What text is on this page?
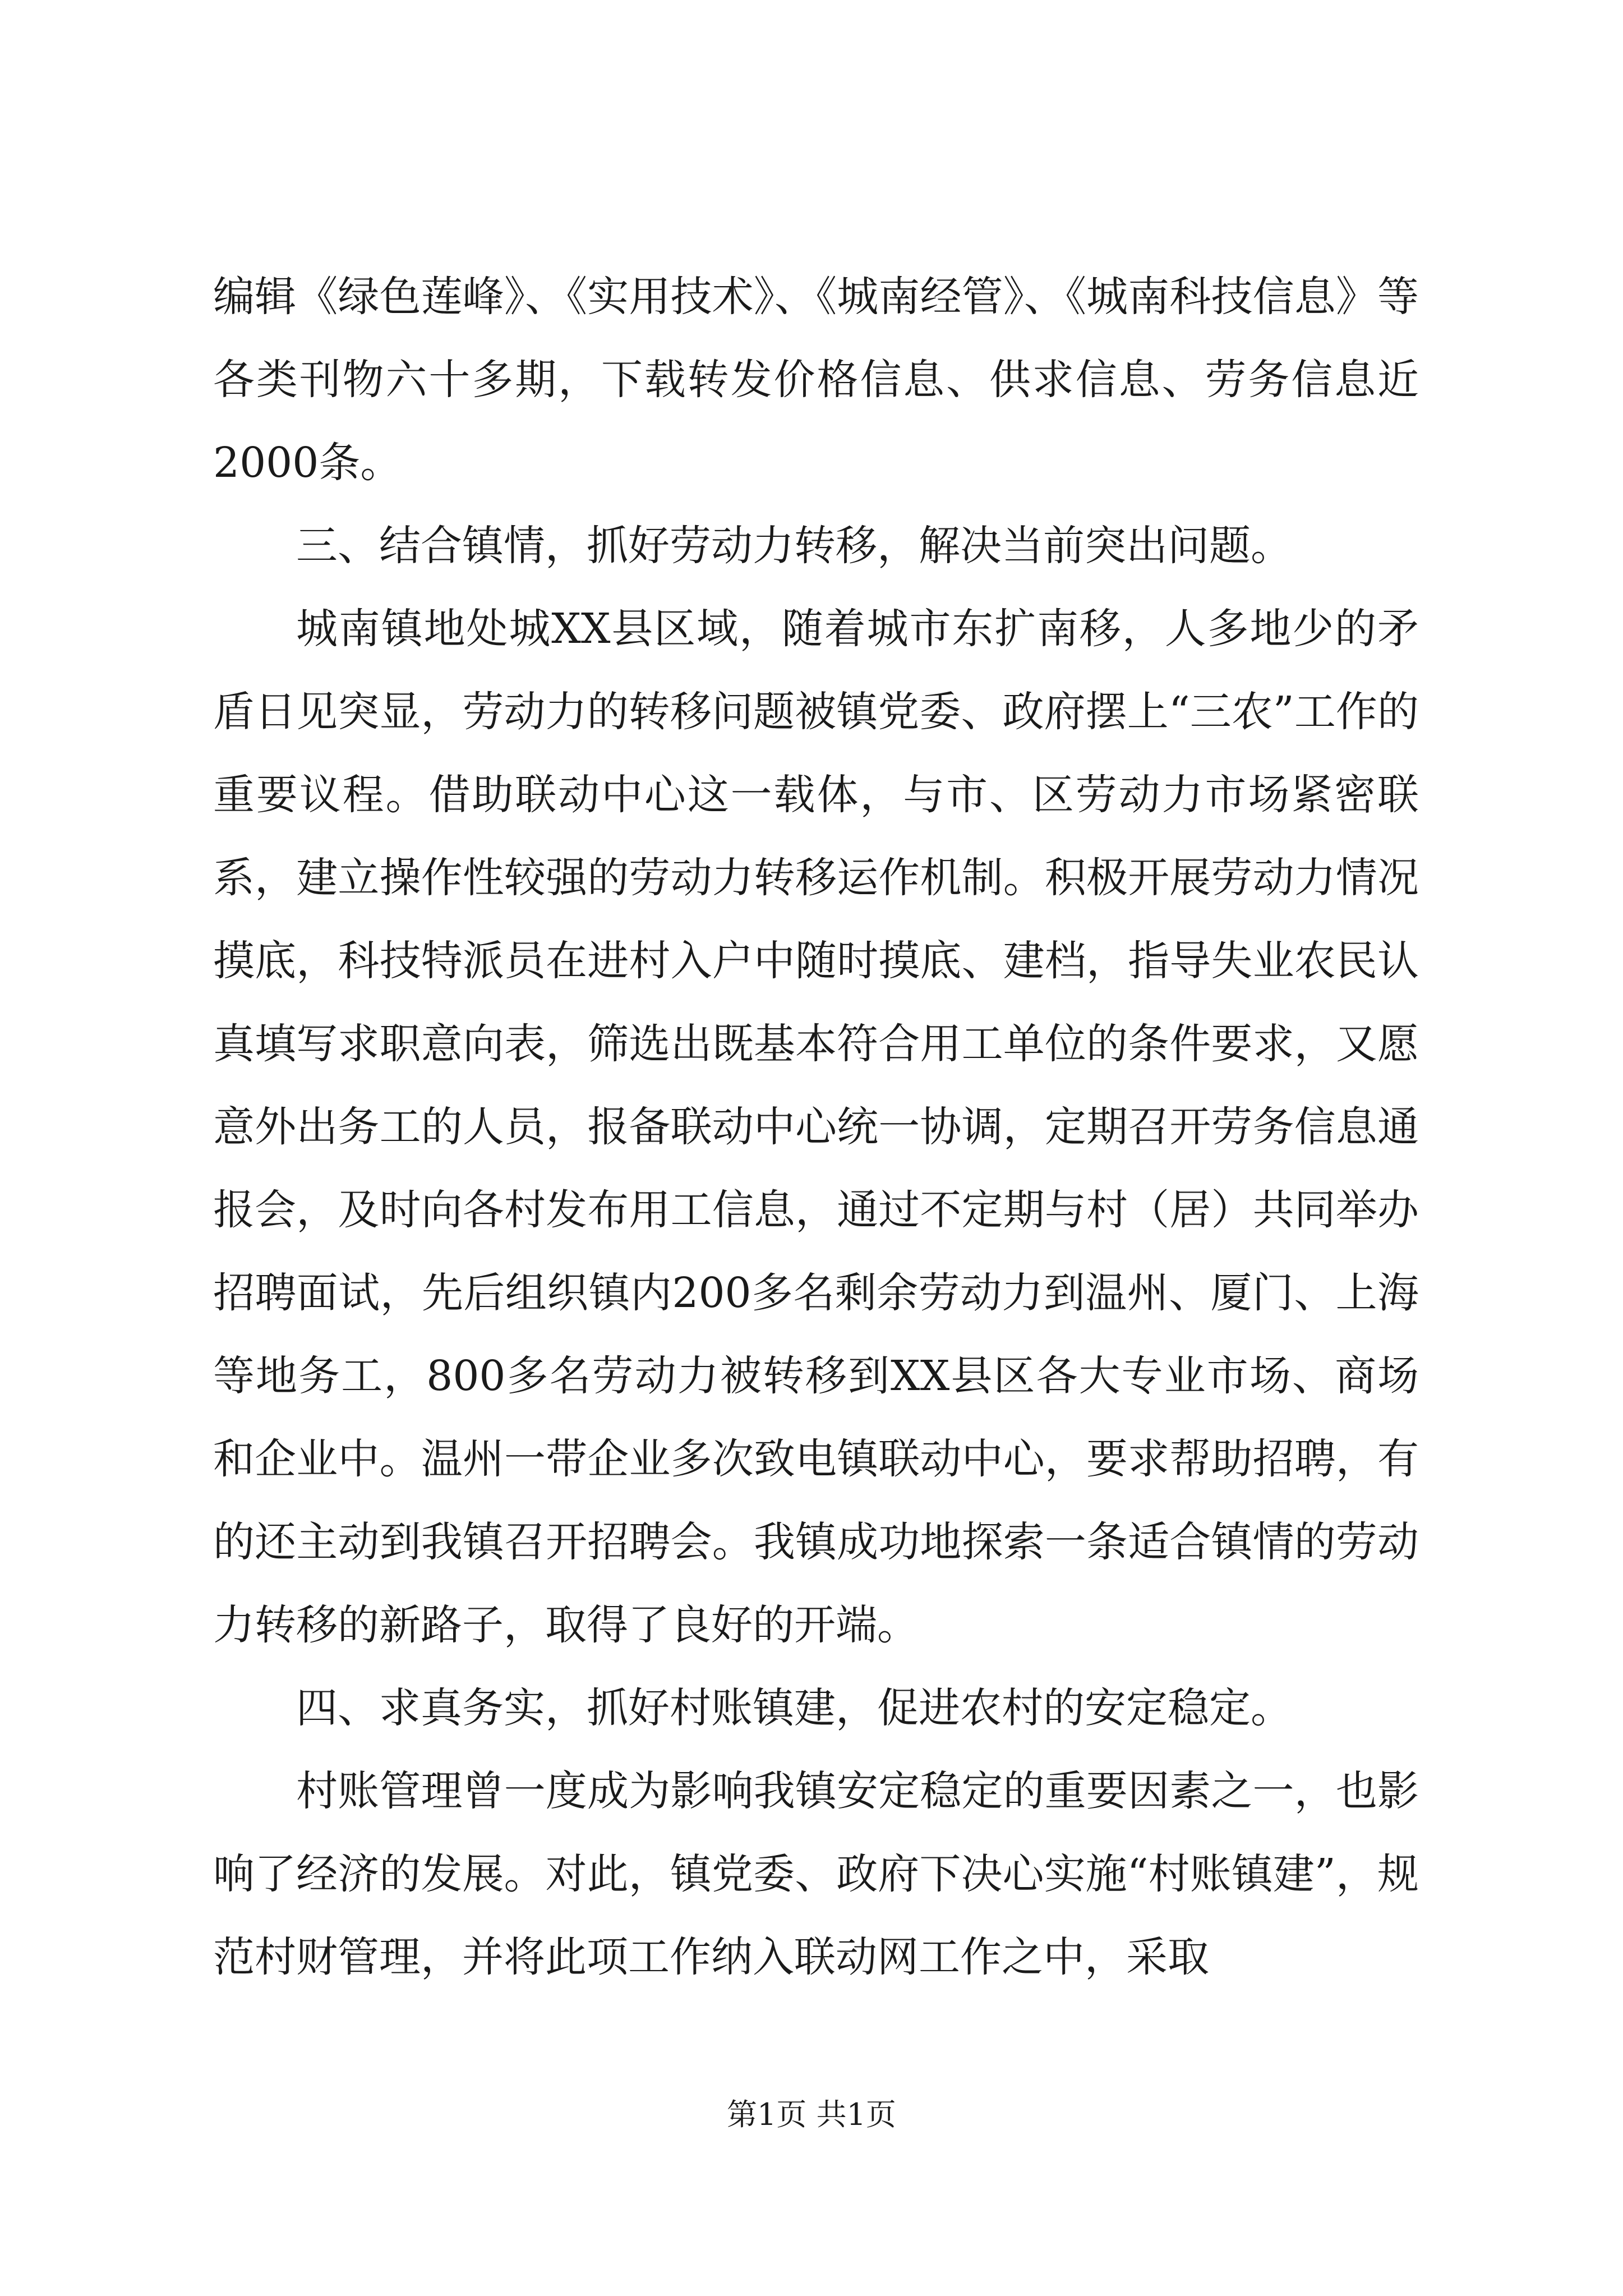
编辑《绿色莲峰》、《实用技术》、《城南经管》、《城南科技信息》等各类刊物六十多期，下载转发价格信息、供求信息、劳务信息近2000条。

三、结合镇情，抓好劳动力转移，解决当前突出问题。

城南镇地处城XX县区域，随着城市东扩南移，人多地少的矛盾日见突显，劳动力的转移问题被镇党委、政府摆上“三农”工作的重要议程。借助联动中心这一载体，与市、区劳动力市场紧密联系，建立操作性较强的劳动力转移运作机制。积极开展劳动力情况摸底，科技特派员在进村入户中随时摸底、建档，指导失业农民认真填写求职意向表，筛选出既基本符合用工单位的条件要求，又愿意外出务工的人员，报备联动中心统一协调，定期召开劳务信息通报会，及时向各村发布用工信息，通过不定期与村（居）共同举办招聘面试，先后组织镇内200多名剩余劳动力到温州、厦门、上海等地务工，800多名劳动力被转移到XX县区各大专业市场、商场和企业中。温州一带企业多次致电镇联动中心，要求帮助招聘，有的还主动到我镇召开招聘会。我镇成功地探索一条适合镇情的劳动力转移的新路子，取得了良好的开端。

四、求真务实，抓好村账镇建，促进农村的安定稳定。

村账管理曾一度成为影响我镇安定稳定的重要因素之一，也影响了经济的发展。对此，镇党委、政府下决心实施“村账镇建”，规范村财管理，并将此项工作纳入联动网工作之中，采取

第1页 共1页
